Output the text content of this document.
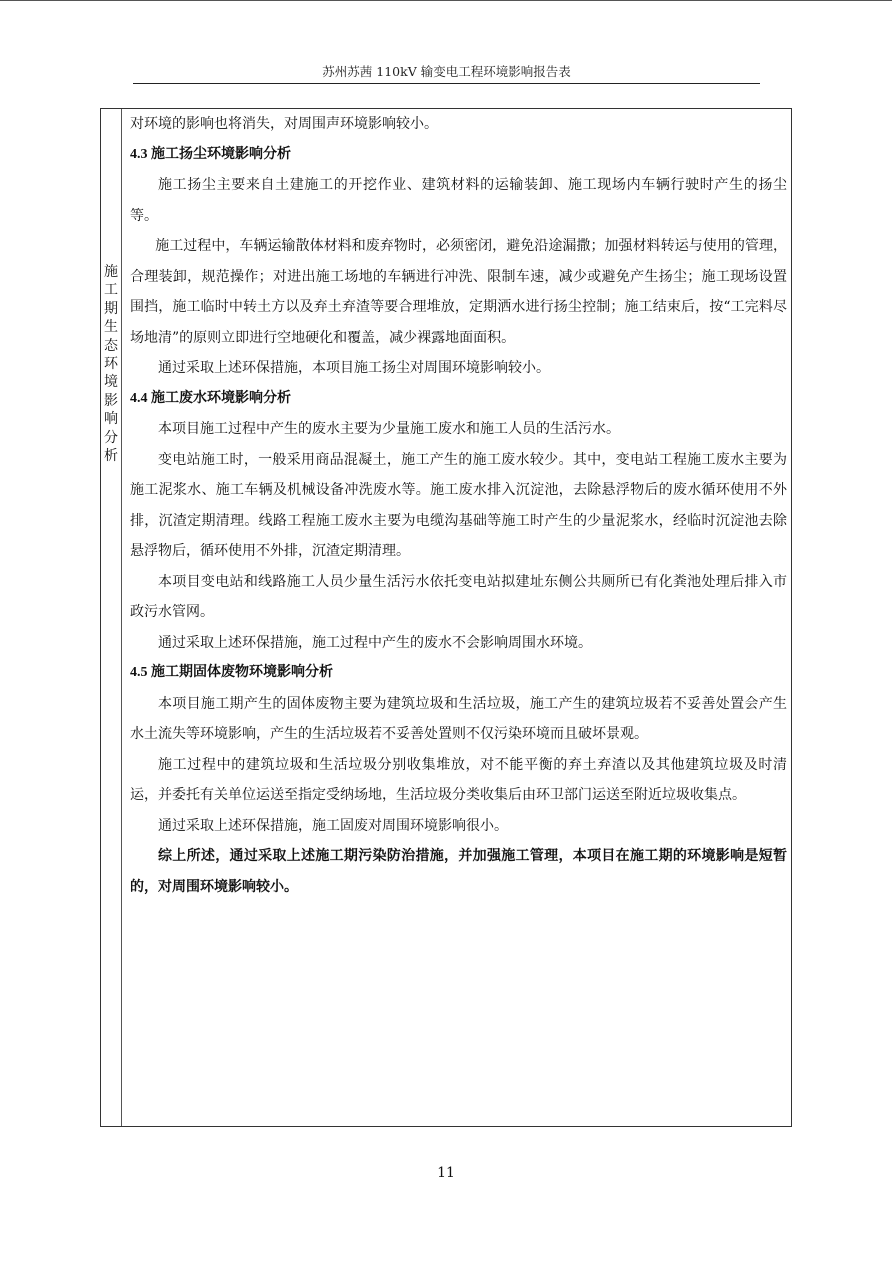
苏州苏茜 110kV 输变电工程环境影响报告表
施工期生态环境影响分析

对环境的影响也将消失，对周围声环境影响较小。

4.3 施工扬尘环境影响分析

施工扬尘主要来自土建施工的开挖作业、建筑材料的运输装卸、施工现场内车辆行驶时产生的扬尘等。

施工过程中，车辆运输散体材料和废弃物时，必须密闭，避免沿途漏撒；加强材料转运与使用的管理，合理装卸，规范操作；对进出施工场地的车辆进行冲洗、限制车速，减少或避免产生扬尘；施工现场设置围挡，施工临时中转土方以及弃土弃渣等要合理堆放，定期洒水进行扬尘控制；施工结束后，按“工完料尽场地清”的原则立即进行空地硬化和覆盖，减少裸露地面面积。

通过采取上述环保措施，本项目施工扬尘对周围环境影响较小。

4.4 施工废水环境影响分析

本项目施工过程中产生的废水主要为少量施工废水和施工人员的生活污水。

变电站施工时，一般采用商品混凝土，施工产生的施工废水较少。其中，变电站工程施工废水主要为施工泥浆水、施工车辆及机械设备冲洗废水等。施工废水排入沉淀池，去除悬浮物后的废水循环使用不外排，沉渣定期清理。线路工程施工废水主要为电缆沟基础等施工时产生的少量泥浆水，经临时沉淀池去除悬浮物后，循环使用不外排，沉渣定期清理。

本项目变电站和线路施工人员少量生活污水依托变电站拟建址东侧公共厕所已有化粪池处理后排入市政污水管网。

通过采取上述环保措施，施工过程中产生的废水不会影响周围水环境。

4.5 施工期固体废物环境影响分析

本项目施工期产生的固体废物主要为建筑垃圾和生活垃圾，施工产生的建筑垃圾若不妥善处置会产生水土流失等环境影响，产生的生活垃圾若不妥善处置则不仅污染环境而且破坏景观。

施工过程中的建筑垃圾和生活垃圾分别收集堆放，对不能平衡的弃土弃渣以及其他建筑垃圾及时清运，并委托有关单位运送至指定受纳场地，生活垃圾分类收集后由环卫部门运送至附近垃圾收集点。

通过采取上述环保措施，施工固废对周围环境影响很小。

综上所述，通过采取上述施工期污染防治措施，并加强施工管理，本项目在施工期的环境影响是短暂的，对周围环境影响较小。

11
